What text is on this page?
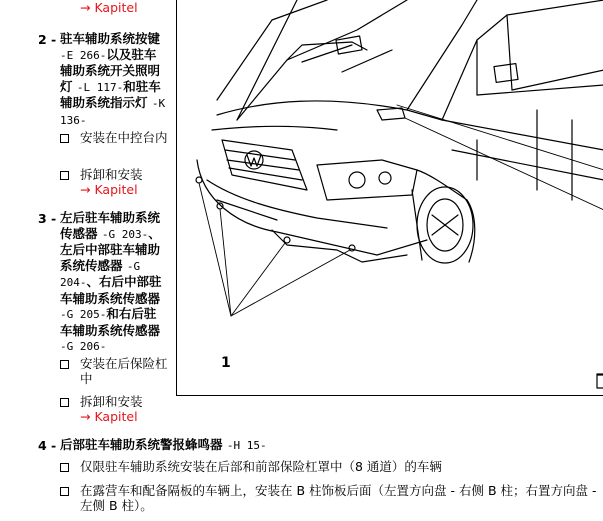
→ Kapitel
2 - 驻车辅助系统按键 -E 266-以及驻车辅助系统开关照明灯 -L 117-和驻车辅助系统指示灯 -K 136-
安装在中控台内
拆卸和安装
→ Kapitel
3 - 左后驻车辅助系统传感器 -G 203-、左后中部驻车辅助系统传感器 -G 204-、右后中部驻车辅助系统传感器 -G 205-和右后驻车辅助系统传感器 -G 206-
安装在后保险杠中
拆卸和安装
→ Kapitel
4 - 后部驻车辅助系统警报蜂鸣器 -H 15-
仅限驻车辅助系统安装在后部和前部保险杠罩中（8 通道）的车辆
在露营车和配备隔板的车辆上，安装在 B 柱饰板后面（左置方向盘 - 右侧 B 柱；右置方向盘 - 左侧 B 柱）。
1
